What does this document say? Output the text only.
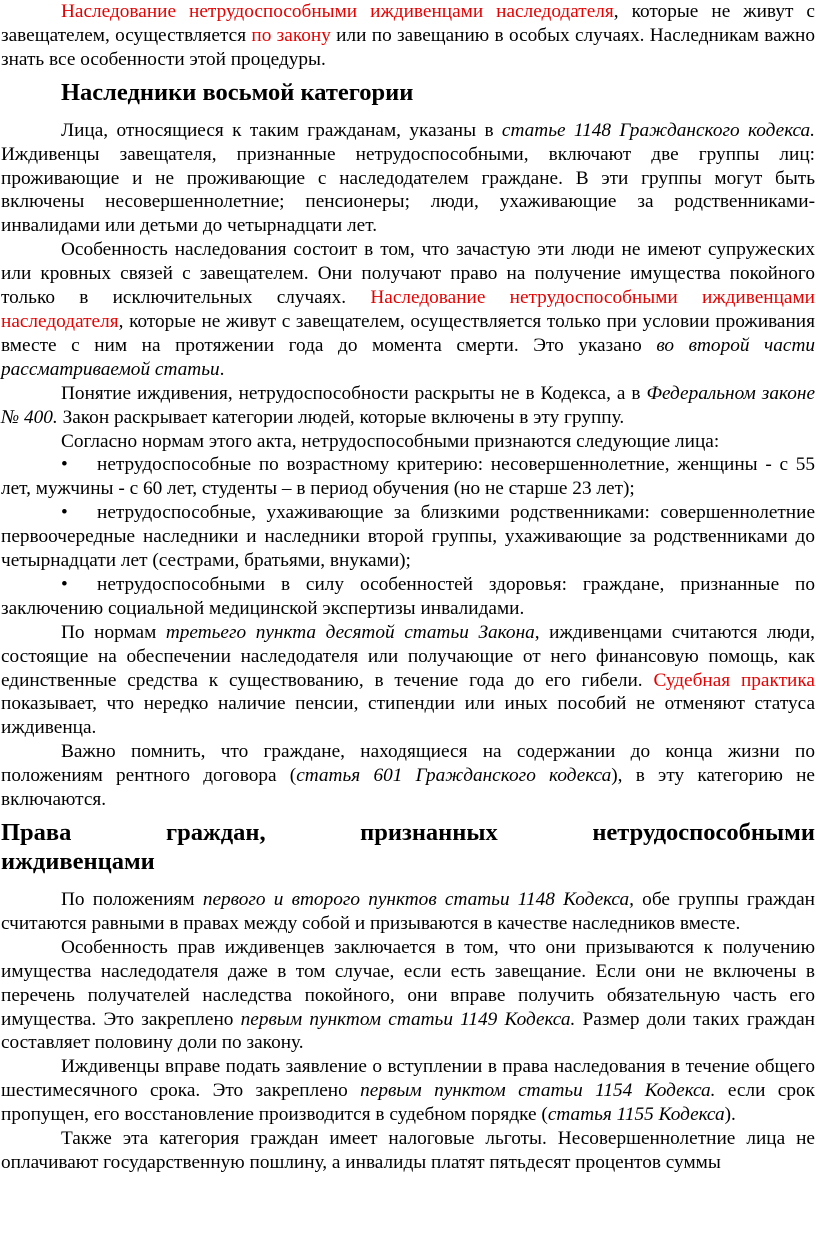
Наследование нетрудоспособными иждивенцами наследодателя, которые не живут с завещателем, осуществляется по закону или по завещанию в особых случаях. Наследникам важно знать все особенности этой процедуры.

Наследники восьмой категории

Лица, относящиеся к таким гражданам, указаны в статье 1148 Гражданского кодекса. Иждивенцы завещателя, признанные нетрудоспособными, включают две группы лиц: проживающие и не проживающие с наследодателем граждане. В эти группы могут быть включены несовершеннолетние; пенсионеры; люди, ухаживающие за родственниками-инвалидами или детьми до четырнадцати лет.

Особенность наследования состоит в том, что зачастую эти люди не имеют супружеских или кровных связей с завещателем. Они получают право на получение имущества покойного только в исключительных случаях. Наследование нетрудоспособными иждивенцами наследодателя, которые не живут с завещателем, осуществляется только при условии проживания вместе с ним на протяжении года до момента смерти. Это указано во второй части рассматриваемой статьи.

Понятие иждивения, нетрудоспособности раскрыты не в Кодекса, а в Федеральном законе № 400. Закон раскрывает категории людей, которые включены в эту группу.

Согласно нормам этого акта, нетрудоспособными признаются следующие лица:

• нетрудоспособные по возрастному критерию: несовершеннолетние, женщины - с 55 лет, мужчины - с 60 лет, студенты – в период обучения (но не старше 23 лет);
• нетрудоспособные, ухаживающие за близкими родственниками: совершеннолетние первоочередные наследники и наследники второй группы, ухаживающие за родственниками до четырнадцати лет (сестрами, братьями, внуками);
• нетрудоспособными в силу особенностей здоровья: граждане, признанные по заключению социальной медицинской экспертизы инвалидами.

По нормам третьего пункта десятой статьи Закона, иждивенцами считаются люди, состоящие на обеспечении наследодателя или получающие от него финансовую помощь, как единственные средства к существованию, в течение года до его гибели. Судебная практика показывает, что нередко наличие пенсии, стипендии или иных пособий не отменяют статуса иждивенца.

Важно помнить, что граждане, находящиеся на содержании до конца жизни по положениям рентного договора (статья 601 Гражданского кодекса), в эту категорию не включаются.

Права	граждан,	признанных	нетрудоспособными
иждивенцами

По положениям первого и второго пунктов статьи 1148 Кодекса, обе группы граждан считаются равными в правах между собой и призываются в качестве наследников вместе.

Особенность прав иждивенцев заключается в том, что они призываются к получению имущества наследодателя даже в том случае, если есть завещание. Если они не включены в перечень получателей наследства покойного, они вправе получить обязательную часть его имущества. Это закреплено первым пунктом статьи 1149 Кодекса. Размер доли таких граждан составляет половину доли по закону.

Иждивенцы вправе подать заявление о вступлении в права наследования в течение общего шестимесячного срока. Это закреплено первым пунктом статьи 1154 Кодекса. если срок пропущен, его восстановление производится в судебном порядке (статья 1155 Кодекса).

Также эта категория граждан имеет налоговые льготы. Несовершеннолетние лица не оплачивают государственную пошлину, а инвалиды платят пятьдесят процентов суммы
